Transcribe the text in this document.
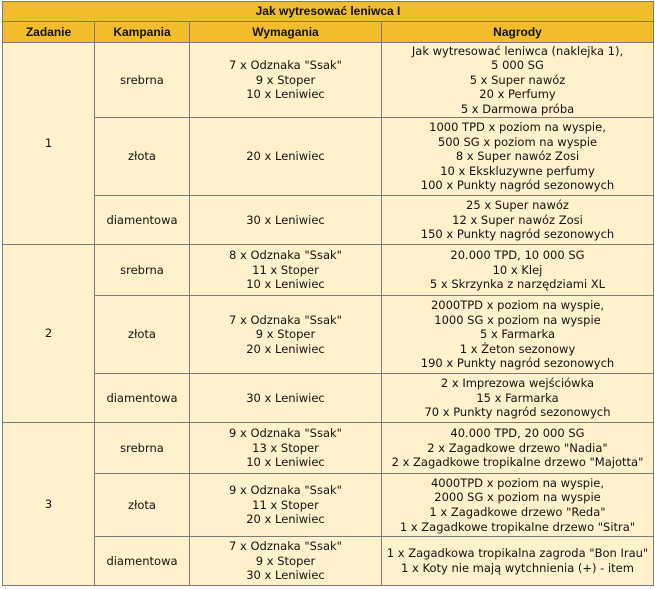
Jak wytresować leniwca I			
Zadanie	Kampania	Wymagania	Nagrody
1	srebrna	7 x Odznaka "Ssak"
9 x Stoper
10 x Leniwiec	Jak wytresować leniwca (naklejka 1),
5 000 SG
5 x Super nawóz
20 x Perfumy
5 x Darmowa próba

	złota	20 x Leniwiec	1000 TPD x poziom na wyspie,
500 SG x poziom na wyspie
8 x Super nawóz Zosi
10 x Ekskluzywne perfumy
100 x Punkty nagród sezonowych

	diamentowa	30 x Leniwiec	25 x Super nawóz
12 x Super nawóz Zosi
150 x Punkty nagród sezonowych

2	srebrna	8 x Odznaka "Ssak"
11 x Stoper
10 x Leniwiec	20.000 TPD, 10 000 SG
10 x Klej
5 x Skrzynka z narzędziami XL

	złota	7 x Odznaka "Ssak"
9 x Stoper
20 x Leniwiec	2000TPD x poziom na wyspie,
1000 SG x poziom na wyspie
5 x Farmarka
1 x Żeton sezonowy
190 x Punkty nagród sezonowych

	diamentowa	30 x Leniwiec	2 x Imprezowa wejściówka
15 x Farmarka
70 x Punkty nagród sezonowych

3	srebrna	9 x Odznaka "Ssak"
13 x Stoper
10 x Leniwiec	40.000 TPD, 20 000 SG
2 x Zagadkowe drzewo "Nadia"
2 x Zagadkowe tropikalne drzewo "Majotta"

	złota	9 x Odznaka "Ssak"
11 x Stoper
20 x Leniwiec	4000TPD x poziom na wyspie,
2000 SG x poziom na wyspie
1 x Zagadkowe drzewo "Reda"
1 x Zagadkowe tropikalne drzewo "Sitra"

	diamentowa	7 x Odznaka "Ssak"
9 x Stoper
30 x Leniwiec	1 x Zagadkowa tropikalna zagroda "Bon Irau"
1 x Koty nie mają wytchnienia (+) - item
